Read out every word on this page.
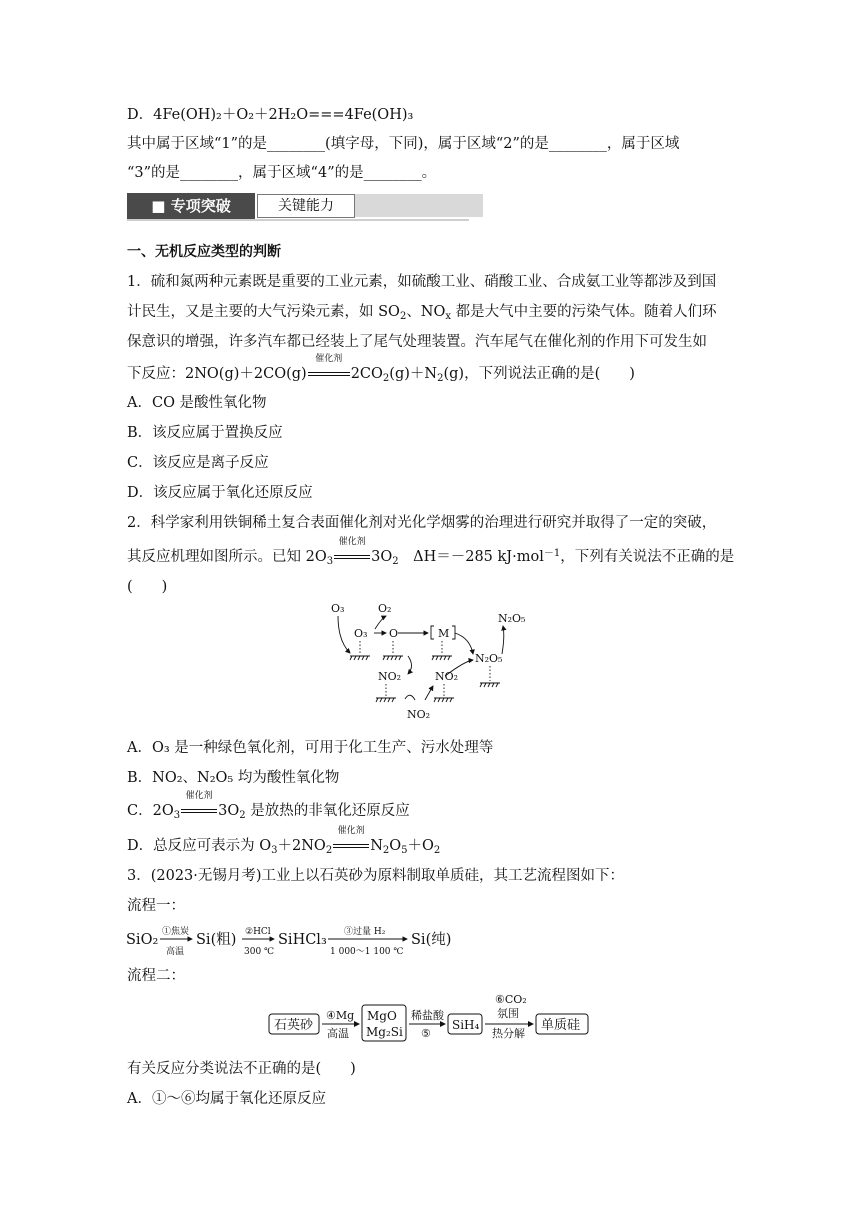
D．4Fe(OH)₂＋O₂＋2H₂O===4Fe(OH)₃
其中属于区域“1”的是________(填字母，下同)，属于区域“2”的是________，属于区域
“3”的是________，属于区域“4”的是________。
■ 专项突破	关键能力
一、无机反应类型的判断
1．硫和氮两种元素既是重要的工业元素，如硫酸工业、硝酸工业、合成氨工业等都涉及到国
计民生，又是主要的大气污染元素，如 $SO_2$、$NO_x$ 都是大气中主要的污染气体。随着人们环
保意识的增强，许多汽车都已经装上了尾气处理装置。汽车尾气在催化剂的作用下可发生如
下反应：2NO(g)＋2CO(g)
催化剂
$2CO_2(g)+N_2(g)$，下列说法正确的是(　　)
A．CO 是酸性氧化物
B．该反应属于置换反应
C．该反应是离子反应
D．该反应属于氧化还原反应
2．科学家利用铁铜稀土复合表面催化剂对光化学烟雾的治理进行研究并取得了一定的突破，
其反应机理如图所示。已知 $2O_3$
催化剂
$3O_2$　ΔH＝－285 kJ·mol$^{-1}$，下列有关说法不正确的是
(　　)
O₃	O₂
O₃ O	M
N₂O₅
N₂O₅
NO₂	NO₂
NO₂
A．O₃ 是一种绿色氧化剂，可用于化工生产、污水处理等
B．NO₂、N₂O₅ 均为酸性氧化物
C．$2O_3$
催化剂
$3O_2$ 是放热的非氧化还原反应
D．总反应可表示为 $O_3+2NO_2$
催化剂
$N_2O_5+O_2$
3．(2023·无锡月考)工业上以石英砂为原料制取单质硅，其工艺流程图如下：
流程一：
SiO₂ ①焦炭
高温
Si(粗) ②HCl
300 ℃
SiHCl₃ ③过量 H₂
1 000～1 100 ℃
Si(纯)
流程二：
石英砂
④Mg
高温
MgO
Mg₂Si
稀盐酸
⑤
SiH₄
⑥CO₂
氛围
热分解
单质硅
有关反应分类说法不正确的是(　　)
A．①～⑥均属于氧化还原反应
